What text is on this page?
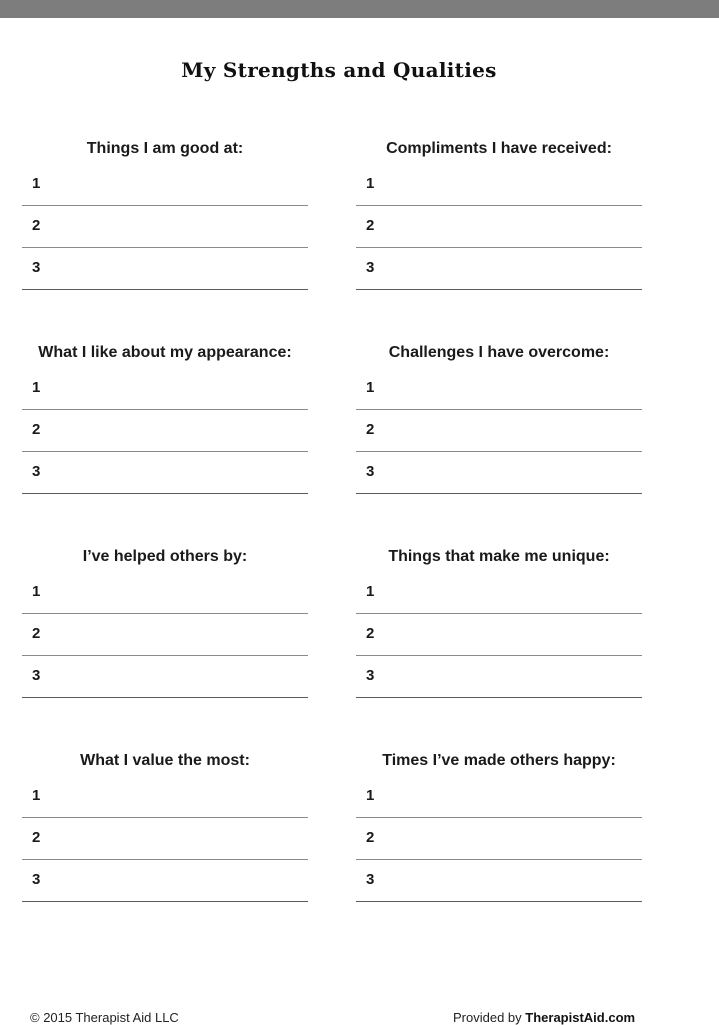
My Strengths and Qualities
Things I am good at:
1
2
3
Compliments I have received:
1
2
3
What I like about my appearance:
1
2
3
Challenges I have overcome:
1
2
3
I’ve helped others by:
1
2
3
Things that make me unique:
1
2
3
What I value the most:
1
2
3
Times I’ve made others happy:
1
2
3
© 2015 Therapist Aid LLC	Provided by TherapistAid.com
